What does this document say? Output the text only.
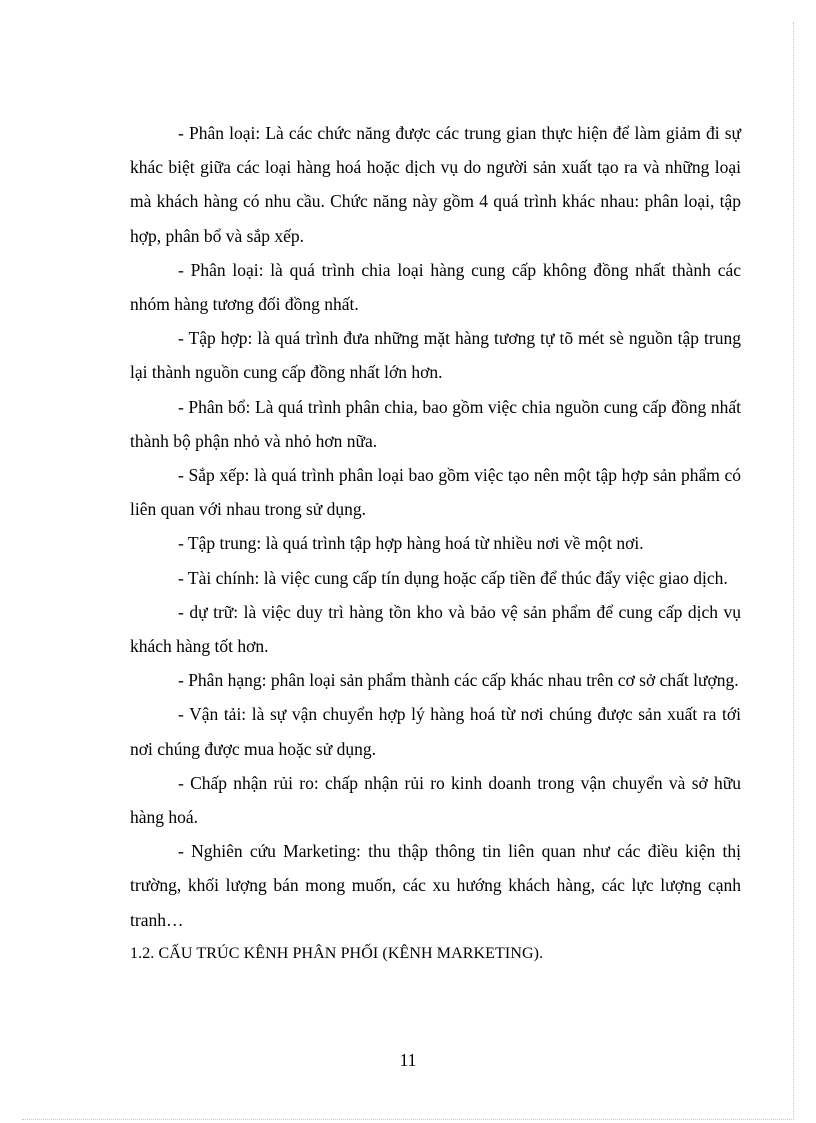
- Phân loại: Là các chức năng được các trung gian thực hiện để làm giảm đi sự khác biệt giữa các loại hàng hoá hoặc dịch vụ do người sản xuất tạo ra và những loại mà khách hàng có nhu cầu. Chức năng này gồm 4 quá trình khác nhau: phân loại, tập hợp, phân bổ và sắp xếp.

- Phân loại: là quá trình chia loại hàng cung cấp không đồng nhất thành các nhóm hàng tương đối đồng nhất.

- Tập hợp: là quá trình đưa những mặt hàng tương tự tõ mét sè nguồn tập trung lại thành nguồn cung cấp đồng nhất lớn hơn.

- Phân bổ: Là quá trình phân chia, bao gồm việc chia nguồn cung cấp đồng nhất thành bộ phận nhỏ và nhỏ hơn nữa.

- Sắp xếp: là quá trình phân loại bao gồm việc tạo nên một tập hợp sản phẩm có liên quan với nhau trong sử dụng.

- Tập trung: là quá trình tập hợp hàng hoá từ nhiều nơi về một nơi.

- Tài chính: là việc cung cấp tín dụng hoặc cấp tiền để thúc đẩy việc giao dịch.

- dự trữ: là việc duy trì hàng tồn kho và bảo vệ sản phẩm để cung cấp dịch vụ khách hàng tốt hơn.

- Phân hạng: phân loại sản phẩm thành các cấp khác nhau trên cơ sở chất lượng.

- Vận tải: là sự vận chuyển hợp lý hàng hoá từ nơi chúng được sản xuất ra tới nơi chúng được mua hoặc sử dụng.

- Chấp nhận rủi ro: chấp nhận rủi ro kinh doanh trong vận chuyển và sở hữu hàng hoá.

- Nghiên cứu Marketing: thu thập thông tin liên quan như các điều kiện thị trường, khối lượng bán mong muốn, các xu hướng khách hàng, các lực lượng cạnh tranh…

1.2. CẤU TRÚC KÊNH PHÂN PHỐI (KÊNH MARKETING).

11
